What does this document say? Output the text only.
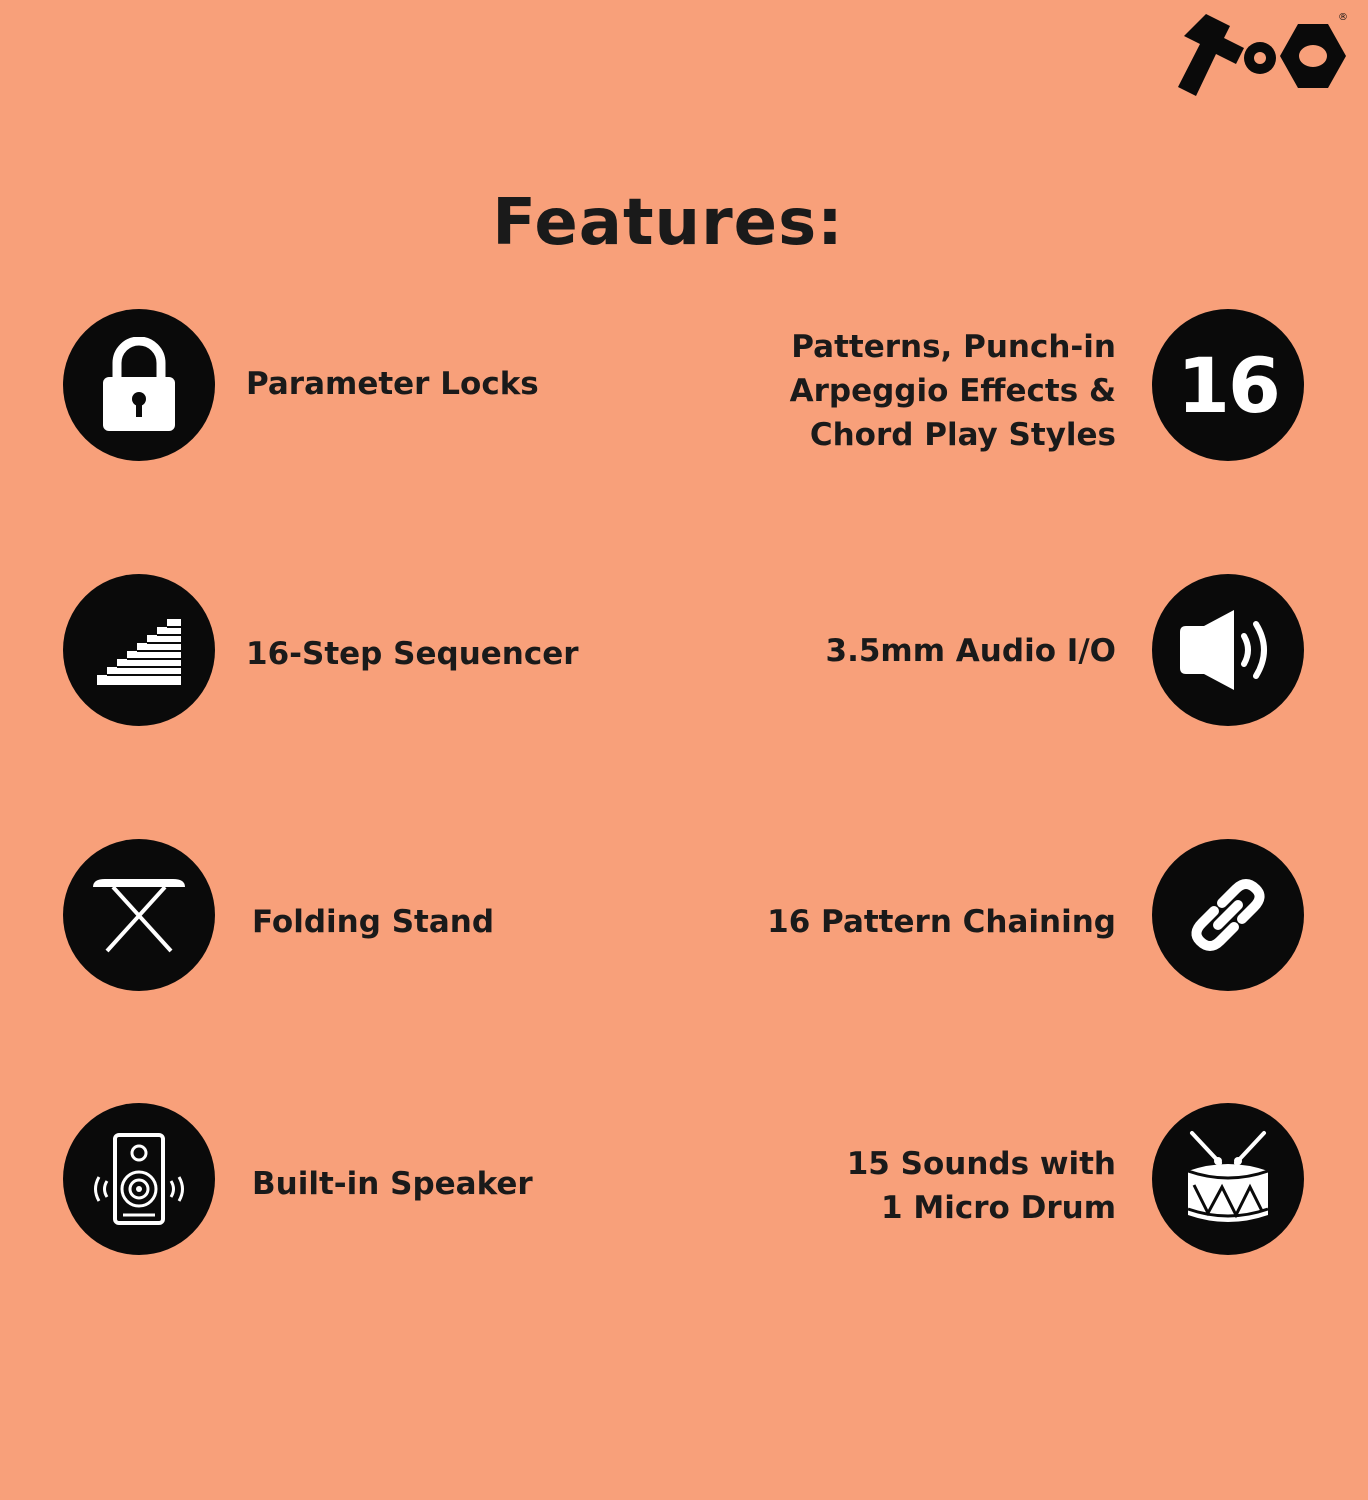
®
Features:
Parameter Locks
16-Step Sequencer
Folding Stand
Built-in Speaker
Patterns, Punch-in
Arpeggio Effects &
Chord Play Styles
16
3.5mm Audio I/O
16 Pattern Chaining
15 Sounds with
1 Micro Drum
